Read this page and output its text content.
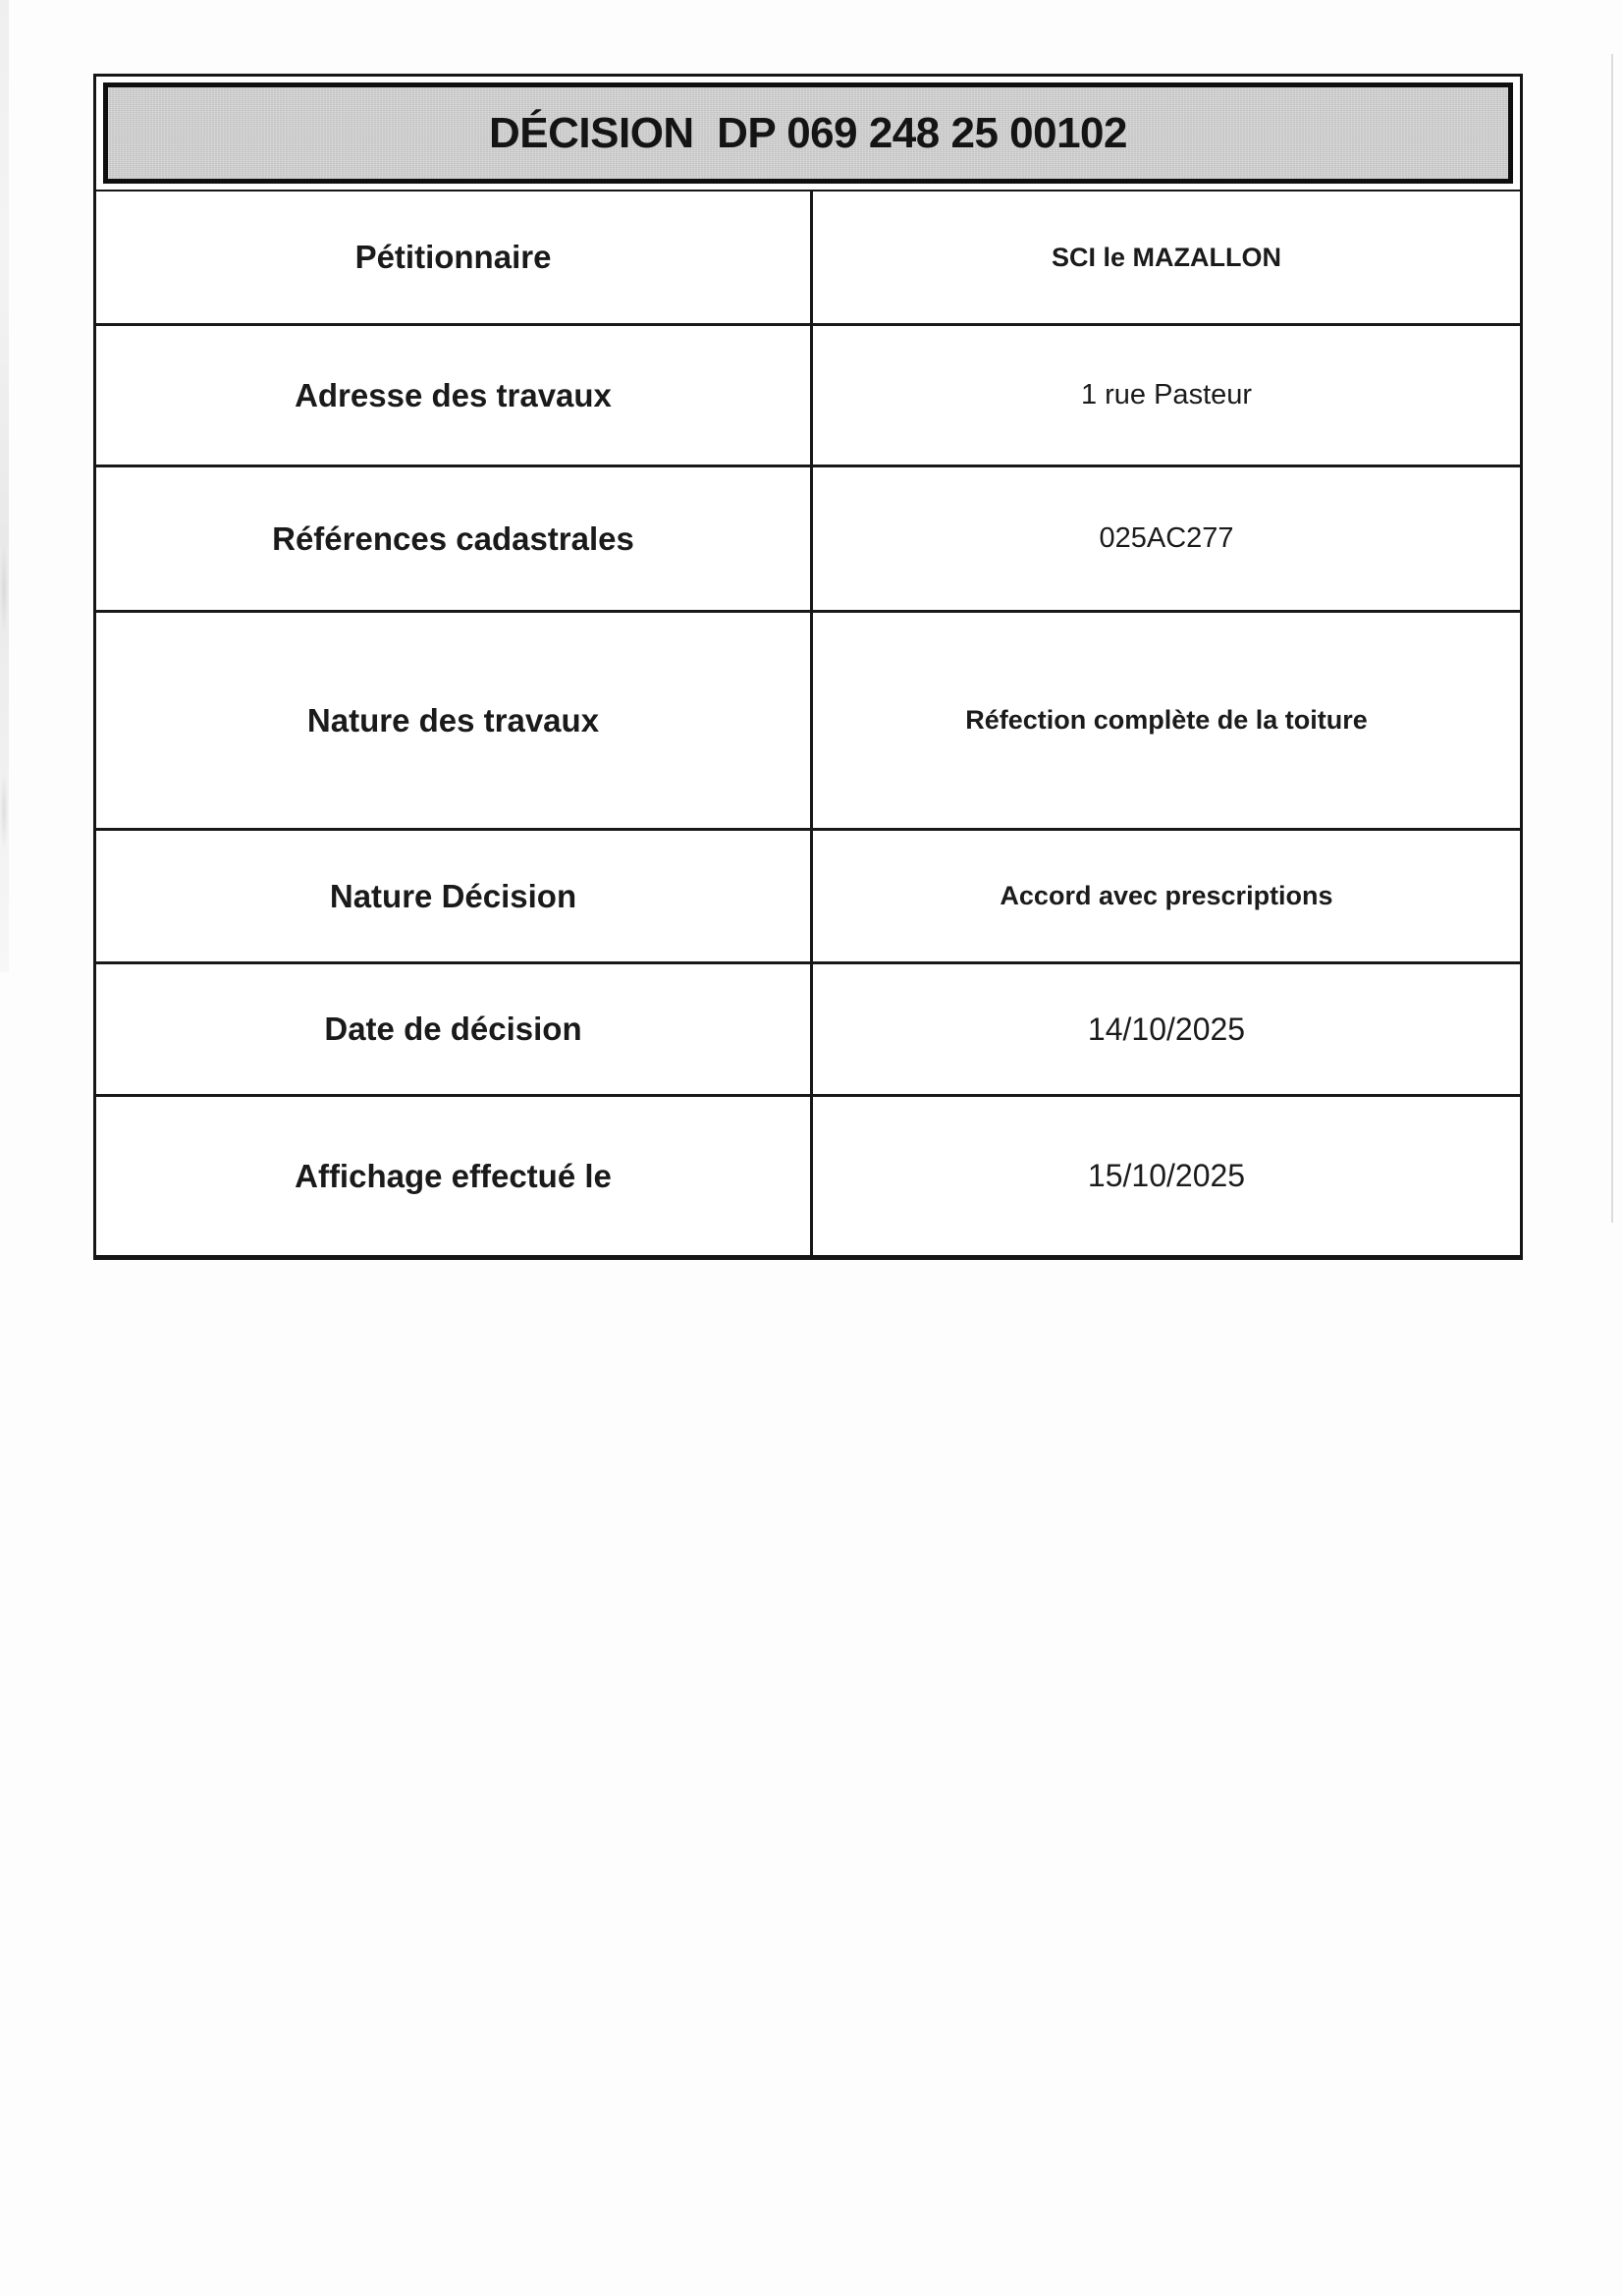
DÉCISION  DP 069 248 25 00102
Pétitionnaire	SCI le MAZALLON
Adresse des travaux	1 rue Pasteur
Références cadastrales	025AC277
Nature des travaux	Réfection complète de la toiture
Nature Décision	Accord avec prescriptions
Date de décision	14/10/2025
Affichage effectué le	15/10/2025
